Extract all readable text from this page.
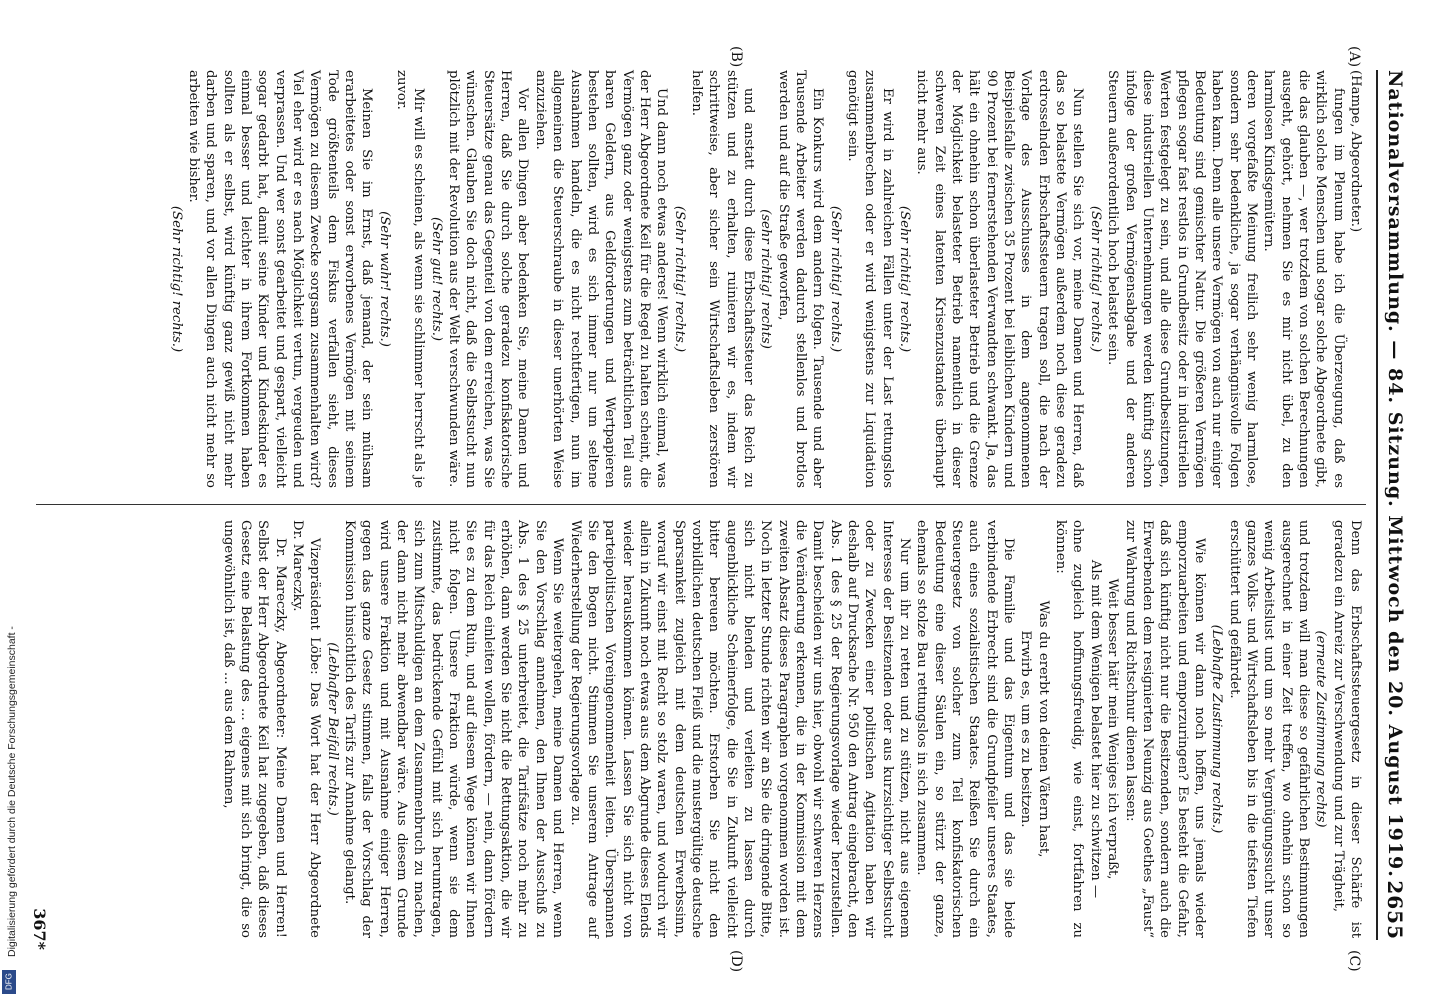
Nationalversammlung. — 84. Sitzung. Mittwoch den 20. August 1919.
2655
(A)
(B)
(C)
(D)

(Hampe, Abgeordneter.)

fungen im Plenum habe ich die Überzeugung, daß es wirklich solche Menschen und sogar solche Abgeordnete gibt, die das glauben —, wer trotzdem von solchen Berechnungen ausgeht, gehört, nehmen Sie es mir nicht übel, zu den harmlosen Kindsgemütern.

deren vorgefaßte Meinung freilich sehr wenig harmlose, sondern sehr bedenkliche, ja sogar verhängnisvolle Folgen haben kann. Denn alle unsere Vermögen von auch nur einiger Bedeutung sind gemischter Natur. Die größeren Vermögen pflegen sogar fast restlos in Grundbesitz oder in industriellen Werten festgelegt zu sein, und alle diese Grundbesitzungen, diese industriellen Unternehmungen werden künftig schon infolge der großen Vermögensabgabe und der anderen Steuern außerordentlich hoch belastet sein.

(Sehr richtig! rechts.)

Nun stellen Sie sich vor, meine Damen und Herren, daß das so belastete Vermögen außerdem noch diese geradezu erdrosselnden Erbschaftssteuern tragen soll, die nach der Vorlage des Ausschusses in dem angenommenen Beispielsfalle zwischen 35 Prozent bei leiblichen Kindern und 90 Prozent bei fernerstehenden Verwandten schwankt. Ja, das hält ein ohnehin schon überlasteter Betrieb und die Grenze der Möglichkeit belasteter Betrieb namentlich in dieser schweren Zeit eines latenten Krisenzustandes überhaupt nicht mehr aus.

(Sehr richtig! rechts.)

Er wird in zahlreichen Fällen unter der Last rettungslos zusammenbrechen oder er wird wenigstens zur Liquidation genötigt sein.

(Sehr richtig! rechts.)

Ein Konkurs wird dem andern folgen. Tausende und aber Tausende Arbeiter werden dadurch stellenlos und brotlos werden und auf die Straße geworfen,

(sehr richtig! rechts)

und anstatt durch diese Erbschaftssteuer das Reich zu stützen und zu erhalten, ruinieren wir es, indem wir schrittweise, aber sicher sein Wirtschaftsleben zerstören helfen.

(Sehr richtig! rechts.)

Und dann noch etwas anderes! Wenn wirklich einmal, was der Herr Abgeordnete Keil für die Regel zu halten scheint, die Vermögen ganz oder wenigstens zum beträchtlichen Teil aus baren Geldern, aus Geldforderungen und Wertpapieren bestehen sollten, wird es sich immer nur um seltene Ausnahmen handeln, die es nicht rechtfertigen, nun im allgemeinen die Steuerschraube in dieser unerhörten Weise anzuziehen.

Vor allen Dingen aber bedenken Sie, meine Damen und Herren, daß Sie durch solche geradezu konfiskatorische Steuersätze genau das Gegenteil von dem erreichen, was Sie wünschen. Glauben Sie doch nicht, daß die Selbstsucht nun plötzlich mit der Revolution aus der Welt verschwunden wäre.

(Sehr gut! rechts.)

Mir will es scheinen, als wenn sie schlimmer herrscht als je zuvor.

(Sehr wahr! rechts.)

Meinen Sie im Ernst, daß jemand, der sein mühsam erarbeitetes oder sonst erworbenes Vermögen mit seinem Tode größtenteils dem Fiskus verfallen sieht, dieses Vermögen zu diesem Zwecke sorgsam zusammenhalten wird? Viel eher wird er es nach Möglichkeit vertun, vergeuden und verprassen. Und wer sonst gearbeitet und gespart, vielleicht sogar gedarbt hat, damit seine Kinder und Kindeskinder es einmal besser und leichter in ihrem Fortkommen haben sollten als er selbst, wird künftig ganz gewiß nicht mehr darben und sparen, und vor allen Dingen auch nicht mehr so arbeiten wie bisher.

(Sehr richtig! rechts.)

Denn das Erbschaftssteuergesetz in dieser Schärfe ist geradezu ein Anreiz zur Verschwendung und zur Trägheit,

(erneute Zustimmung rechts)

und trotzdem will man diese so gefährlichen Bestimmungen ausgerechnet in einer Zeit treffen, wo ohnehin schon so wenig Arbeitslust und um so mehr Vergnügungssucht unser ganzes Volks- und Wirtschaftsleben bis in die tiefsten Tiefen erschüttert und gefährdet.

(Lebhafte Zustimmung rechts.)

Wie können wir dann noch hoffen, uns jemals wieder emporzuarbeiten und emporzuringen? Es besteht die Gefahr, daß sich künftig nicht nur die Besitzenden, sondern auch die Erwerbenden dem resignierten Neunzig aus Goethes „Faust“ zur Wahrung und Richtschnur dienen lassen:

Weit besser hätt' mein Weniges ich verpraßt,

Als mit dem Wenigen belastet hier zu schwitzen —

ohne zugleich hoffnungsfreudig, wie einst, fortfahren zu können:

Was du ererbt von deinen Vätern hast,

Erwirb es, um es zu besitzen.

Die Familie und das Eigentum und das sie beide verbindende Erbrecht sind die Grundpfeiler unseres Staates, auch eines sozialistischen Staates. Reißen Sie durch ein Steuergesetz von solcher zum Teil konfiskatorischen Bedeutung eine dieser Säulen ein, so stürzt der ganze, ehemals so stolze Bau rettungslos in sich zusammen.

Nur um ihr zu retten und zu stützen, nicht aus eigenem Interesse der Besitzenden oder aus kurzsichtiger Selbstsucht oder zu Zwecken einer politischen Agitation haben wir deshalb auf Drucksache Nr. 950 den Antrag eingebracht, den Abs. 1 des § 25 der Regierungsvorlage wieder herzustellen. Damit bescheiden wir uns hier, obwohl wir schweren Herzens die Veränderung erkennen, die in der Kommission mit dem zweiten Absatz dieses Paragraphen vorgenommen worden ist. Noch in letzter Stunde richten wir an Sie die dringende Bitte, sich nicht blenden und verleiten zu lassen durch augenblickliche Scheinerfolge, die Sie in Zukunft vielleicht bitter bereuen möchten. Erstorben Sie nicht den vorbildlichen deutschen Fleiß und die mustergültige deutsche Sparsamkeit zugleich mit dem deutschen Erwerbssinn, worauf wir einst mit Recht so stolz waren, und wodurch wir allein in Zukunft noch etwas aus dem Abgrunde dieses Elends wieder herauskommen können. Lassen Sie sich nicht von parteipolitischen Voreingenommenheit leiten. Überspannen Sie den Bogen nicht. Stimmen Sie unserem Antrage auf Wiederherstellung der Regierungsvorlage zu.

Wenn Sie weitergehen, meine Damen und Herren, wenn Sie den Vorschlag annehmen, den Ihnen der Ausschuß zu Abs. 1 des § 25 unterbreitet, die Tarifsätze noch mehr zu erhöhen, dann werden Sie nicht die Rettungsaktion, die wir für das Reich einleiten wollen, fördern, — nein, dann fördern Sie es zu dem Ruin, und auf diesem Wege können wir Ihnen nicht folgen. Unsere Fraktion würde, wenn sie dem zustimmte, das bedrückende Gefühl mit sich herumtragen, sich zum Mitschuldigen an dem Zusammenbruch zu machen, der dann nicht mehr abwendbar wäre. Aus diesem Grunde wird unsere Fraktion und mit Ausnahme einiger Herren, gegen das ganze Gesetz stimmen, falls der Vorschlag der Kommission hinsichtlich des Tarifs zur Annahme gelangt.

(Lebhafter Beifall rechts.)

Vizepräsident Löbe: Das Wort hat der Herr Abgeordnete Dr. Mareczky.

Dr. Mareczky, Abgeordneter: Meine Damen und Herren! Selbst der Herr Abgeordnete Keil hat zugegeben, daß dieses Gesetz eine Belastung des ... eigenes mit sich bringt, die so ungewöhnlich ist, daß ... aus dem Rahmen,

367*
Digitalisierung gefördert durch die Deutsche Forschungsgemeinschaft -
DFG
